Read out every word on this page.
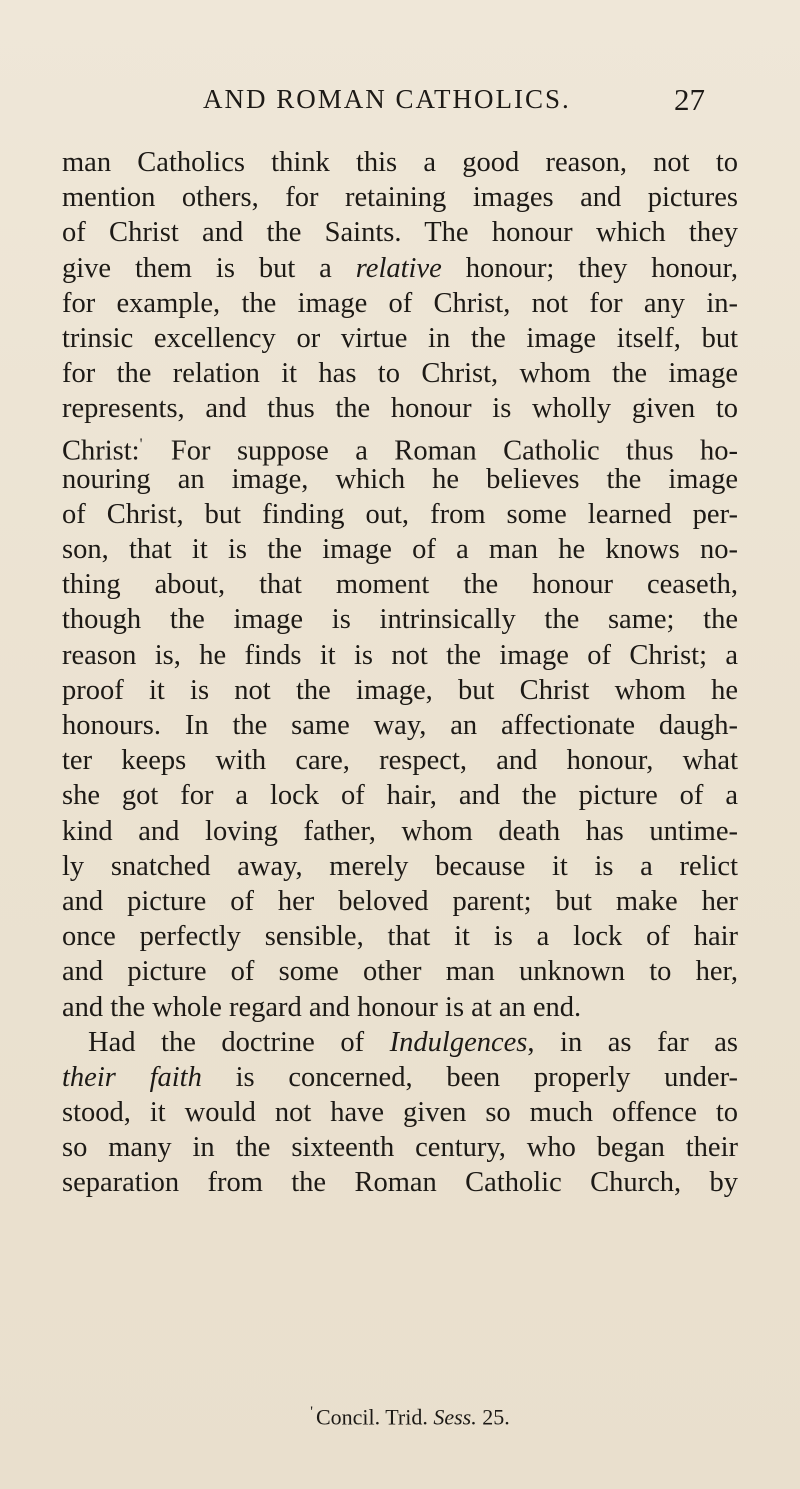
AND ROMAN CATHOLICS.	27
man Catholics think this a good reason, not to
mention others, for retaining images and pictures
of Christ and the Saints. The honour which they
give them is but a relative honour; they honour,
for example, the image of Christ, not for any in-
trinsic excellency or virtue in the image itself, but
for the relation it has to Christ, whom the image
represents, and thus the honour is wholly given to
Christ:' For suppose a Roman Catholic thus ho-
nouring an image, which he believes the image
of Christ, but finding out, from some learned per-
son, that it is the image of a man he knows no-
thing about, that moment the honour ceaseth,
though the image is intrinsically the same; the
reason is, he finds it is not the image of Christ; a
proof it is not the image, but Christ whom he
honours. In the same way, an affectionate daugh-
ter keeps with care, respect, and honour, what
she got for a lock of hair, and the picture of a
kind and loving father, whom death has untime-
ly snatched away, merely because it is a relict
and picture of her beloved parent; but make her
once perfectly sensible, that it is a lock of hair
and picture of some other man unknown to her,
and the whole regard and honour is at an end.
Had the doctrine of Indulgences, in as far as
their faith is concerned, been properly under-
stood, it would not have given so much offence to
so many in the sixteenth century, who began their
separation from the Roman Catholic Church, by
' Concil. Trid. Sess. 25.
